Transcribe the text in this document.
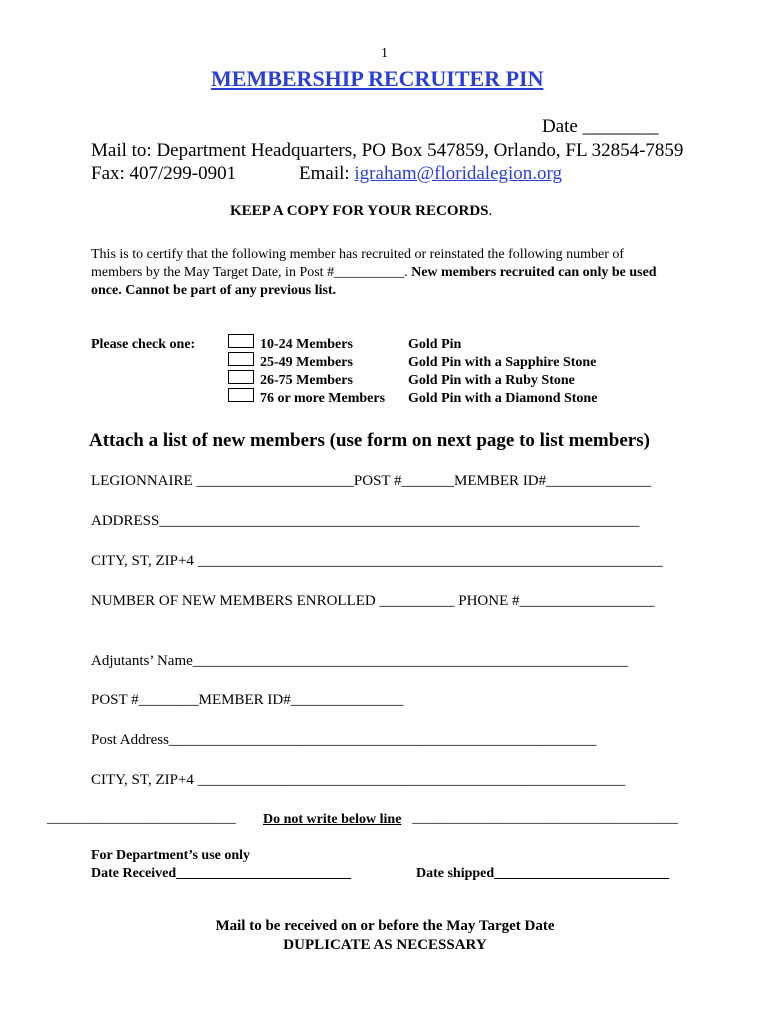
1
MEMBERSHIP RECRUITER PIN
Date ________
Mail to: Department Headquarters, PO Box 547859, Orlando, FL 32854-7859
Fax: 407/299-0901	Email: igraham@floridalegion.org
KEEP A COPY FOR YOUR RECORDS.
This is to certify that the following member has recruited or reinstated the following number of
members by the May Target Date, in Post #__________. New members recruited can only be used
once. Cannot be part of any previous list.
Please check one:	10-24 Members	Gold Pin
25-49 Members	Gold Pin with a Sapphire Stone
26-75 Members	Gold Pin with a Ruby Stone
76 or more Members Gold Pin with a Diamond Stone
Attach a list of new members (use form on next page to list members)
LEGIONNAIRE _____________________POST #_______MEMBER ID#______________
ADDRESS________________________________________________________________
CITY, ST, ZIP+4 ______________________________________________________________
NUMBER OF NEW MEMBERS ENROLLED __________ PHONE #__________________
Adjutants’ Name__________________________________________________________
POST #________MEMBER ID#_______________
Post Address_________________________________________________________
CITY, ST, ZIP+4 _________________________________________________________
___________________________ Do not write below line ______________________________________
For Department’s use only
Date Received_________________________	Date shipped_________________________
Mail to be received on or before the May Target Date
DUPLICATE AS NECESSARY
